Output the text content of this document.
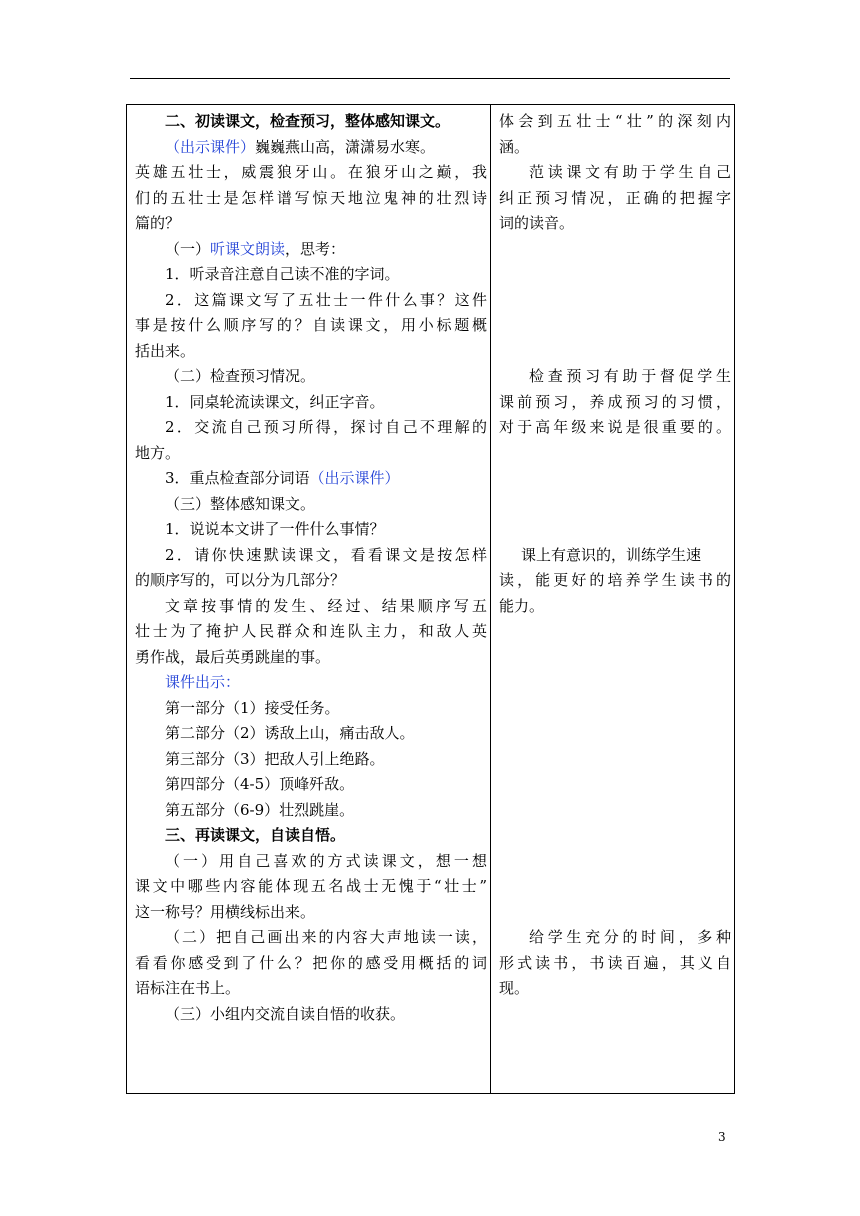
二、初读课文，检查预习，整体感知课文。
（出示课件）巍巍燕山高，潇潇易水寒。
英雄五壮士，威震狼牙山。在狼牙山之巅，我
们的五壮士是怎样谱写惊天地泣鬼神的壮烈诗
篇的？
（一）听课文朗读，思考：
1．听录音注意自己读不准的字词。
2．这篇课文写了五壮士一件什么事？这件
事是按什么顺序写的？自读课文，用小标题概
括出来。
（二）检查预习情况。
1．同桌轮流读课文，纠正字音。
2．交流自己预习所得，探讨自己不理解的
地方。
3．重点检查部分词语（出示课件）
（三）整体感知课文。
1．说说本文讲了一件什么事情？
2．请你快速默读课文，看看课文是按怎样
的顺序写的，可以分为几部分？
文章按事情的发生、经过、结果顺序写五
壮士为了掩护人民群众和连队主力，和敌人英
勇作战，最后英勇跳崖的事。
课件出示：
第一部分（1）接受任务。
第二部分（2）诱敌上山，痛击敌人。
第三部分（3）把敌人引上绝路。
第四部分（4-5）顶峰歼敌。
第五部分（6-9）壮烈跳崖。
三、再读课文，自读自悟。
（一）用自己喜欢的方式读课文，想一想
课文中哪些内容能体现五名战士无愧于“壮士”
这一称号？用横线标出来。
（二）把自己画出来的内容大声地读一读，
看看你感受到了什么？把你的感受用概括的词
语标注在书上。
（三）小组内交流自读自悟的收获。
体会到五壮士“壮”的深刻内
涵。
范读课文有助于学生自己
纠正预习情况，正确的把握字
词的读音。
检查预习有助于督促学生
课前预习，养成预习的习惯，
对于高年级来说是很重要的。
课上有意识的，训练学生速
读，能更好的培养学生读书的
能力。
给学生充分的时间，多种
形式读书，书读百遍，其义自
现。
3
